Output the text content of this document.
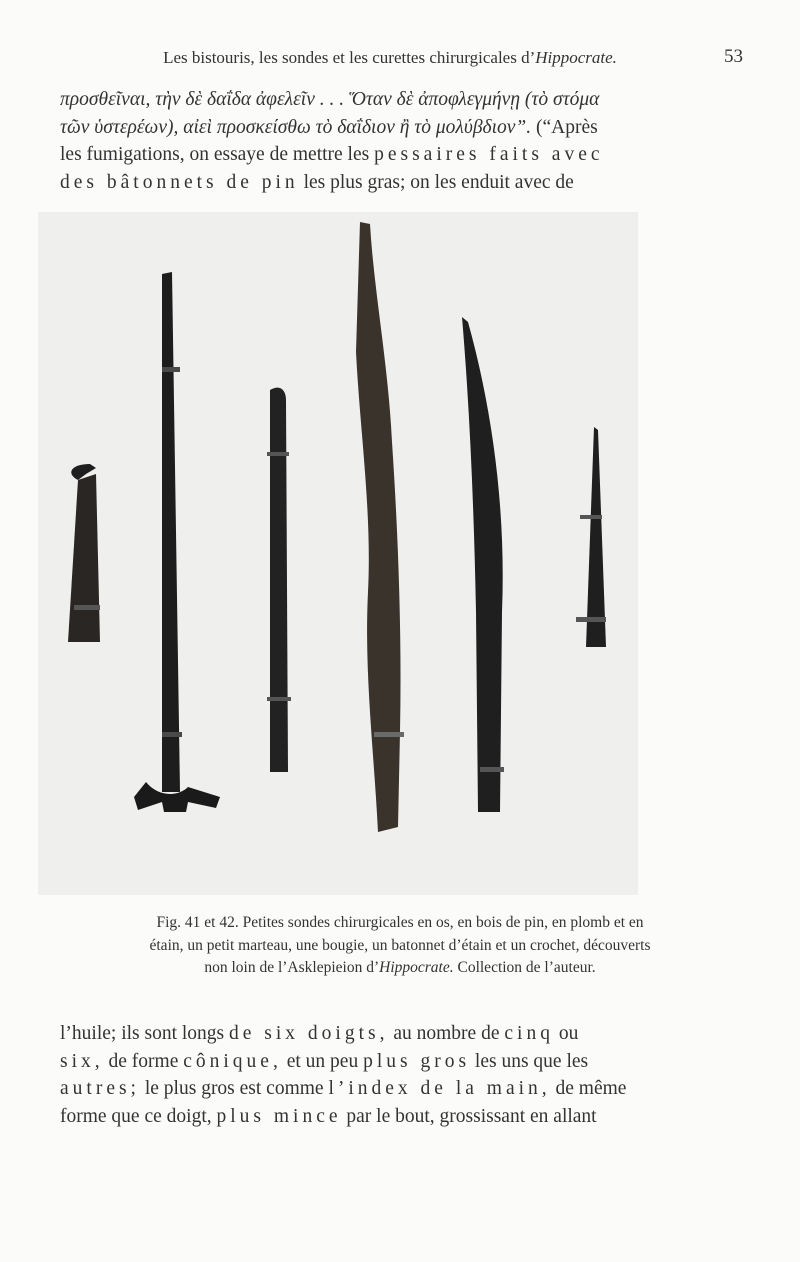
Les bistouris, les sondes et les curettes chirurgicales d’Hippocrate.	53
προσθεῖναι, τὴν δὲ δαΐδα ἀφελεῖν . . . Ὅταν δὲ ἀποφλεγμήνῃ (τὸ στόμα
τῶν ὑστερέων), αἰεὶ προσκείσθω τὸ δαΐδιον ἢ τὸ μολύβδιον”. (“Après
les fumigations, on essaye de mettre les pessaires faits avec
des bâtonnets de pin les plus gras; on les enduit avec de
Fig. 41 et 42. Petites sondes chirurgicales en os, en bois de pin, en plomb et en
étain, un petit marteau, une bougie, un batonnet d’étain et un crochet, découverts
non loin de l’Asklepieion d’Hippocrate. Collection de l’auteur.
l’huile; ils sont longs de six doigts, au nombre de cinq ou
six, de forme cônique, et un peu plus gros les uns que les
autres; le plus gros est comme l’index de la main, de même
forme que ce doigt, plus mince par le bout, grossissant en allant
